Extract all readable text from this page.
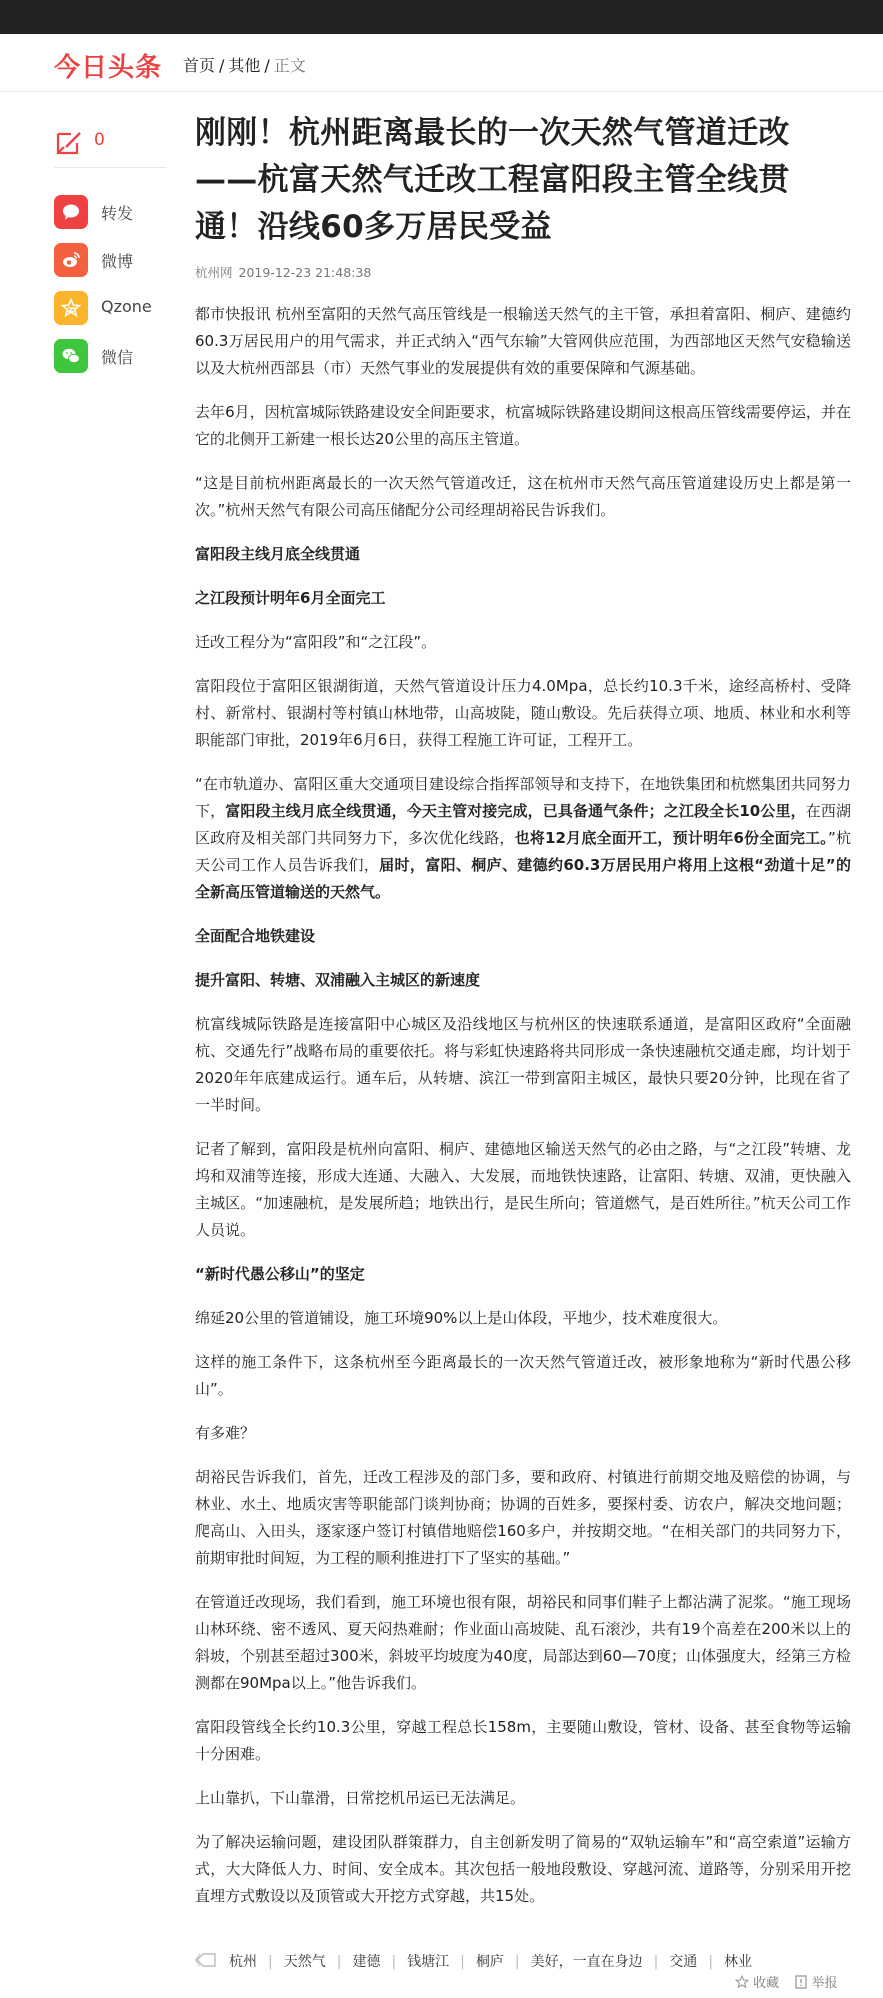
今日头条 首页 / 其他 / 正文
0
转发
微博
Qzone
微信
刚刚！杭州距离最长的一次天然气管道迁改——杭富天然气迁改工程富阳段主管全线贯通！沿线60多万居民受益
杭州网 2019-12-23 21:48:38

都市快报讯 杭州至富阳的天然气高压管线是一根输送天然气的主干管，承担着富阳、桐庐、建德约60.3万居民用户的用气需求，并正式纳入“西气东输”大管网供应范围，为西部地区天然气安稳输送以及大杭州西部县（市）天然气事业的发展提供有效的重要保障和气源基础。

去年6月，因杭富城际铁路建设安全间距要求，杭富城际铁路建设期间这根高压管线需要停运，并在它的北侧开工新建一根长达20公里的高压主管道。

“这是目前杭州距离最长的一次天然气管道改迁，这在杭州市天然气高压管道建设历史上都是第一次。”杭州天然气有限公司高压储配分公司经理胡裕民告诉我们。

富阳段主线月底全线贯通

之江段预计明年6月全面完工

迁改工程分为“富阳段”和“之江段”。

富阳段位于富阳区银湖街道，天然气管道设计压力4.0Mpa，总长约10.3千米，途经高桥村、受降村、新常村、银湖村等村镇山林地带，山高坡陡，随山敷设。先后获得立项、地质、林业和水利等职能部门审批，2019年6月6日，获得工程施工许可证，工程开工。

“在市轨道办、富阳区重大交通项目建设综合指挥部领导和支持下，在地铁集团和杭燃集团共同努力下，富阳段主线月底全线贯通，今天主管对接完成，已具备通气条件；之江段全长10公里，在西湖区政府及相关部门共同努力下，多次优化线路，也将12月底全面开工，预计明年6份全面完工。”杭天公司工作人员告诉我们，届时，富阳、桐庐、建德约60.3万居民用户将用上这根“劲道十足”的全新高压管道输送的天然气。

全面配合地铁建设

提升富阳、转塘、双浦融入主城区的新速度

杭富线城际铁路是连接富阳中心城区及沿线地区与杭州区的快速联系通道，是富阳区政府“全面融杭、交通先行”战略布局的重要依托。将与彩虹快速路将共同形成一条快速融杭交通走廊，均计划于2020年年底建成运行。通车后，从转塘、滨江一带到富阳主城区，最快只要20分钟，比现在省了一半时间。

记者了解到，富阳段是杭州向富阳、桐庐、建德地区输送天然气的必由之路，与“之江段”转塘、龙坞和双浦等连接，形成大连通、大融入、大发展，而地铁快速路，让富阳、转塘、双浦，更快融入主城区。“加速融杭，是发展所趋；地铁出行，是民生所向；管道燃气，是百姓所往。”杭天公司工作人员说。

“新时代愚公移山”的坚定

绵延20公里的管道铺设，施工环境90%以上是山体段，平地少，技术难度很大。

这样的施工条件下，这条杭州至今距离最长的一次天然气管道迁改，被形象地称为“新时代愚公移山”。

有多难？

胡裕民告诉我们，首先，迁改工程涉及的部门多，要和政府、村镇进行前期交地及赔偿的协调，与林业、水土、地质灾害等职能部门谈判协商；协调的百姓多，要探村委、访农户，解决交地问题；爬高山、入田头，逐家逐户签订村镇借地赔偿160多户，并按期交地。“在相关部门的共同努力下，前期审批时间短，为工程的顺利推进打下了坚实的基础。”

在管道迁改现场，我们看到，施工环境也很有限，胡裕民和同事们鞋子上都沾满了泥浆。“施工现场山林环绕、密不透风、夏天闷热难耐；作业面山高坡陡、乱石滚沙，共有19个高差在200米以上的斜坡，个别甚至超过300米，斜坡平均坡度为40度，局部达到60—70度；山体强度大，经第三方检测都在90Mpa以上。”他告诉我们。

富阳段管线全长约10.3公里，穿越工程总长158m，主要随山敷设，管材、设备、甚至食物等运输十分困难。

上山靠扒，下山靠滑，日常挖机吊运已无法满足。

为了解决运输问题，建设团队群策群力，自主创新发明了简易的“双轨运输车”和“高空索道”运输方式，大大降低人力、时间、安全成本。其次包括一般地段敷设、穿越河流、道路等，分别采用开挖直埋方式敷设以及顶管或大开挖方式穿越，共15处。

杭州 | 天然气 | 建德 | 钱塘江 | 桐庐 | 美好，一直在身边 | 交通 | 林业
收藏 举报
